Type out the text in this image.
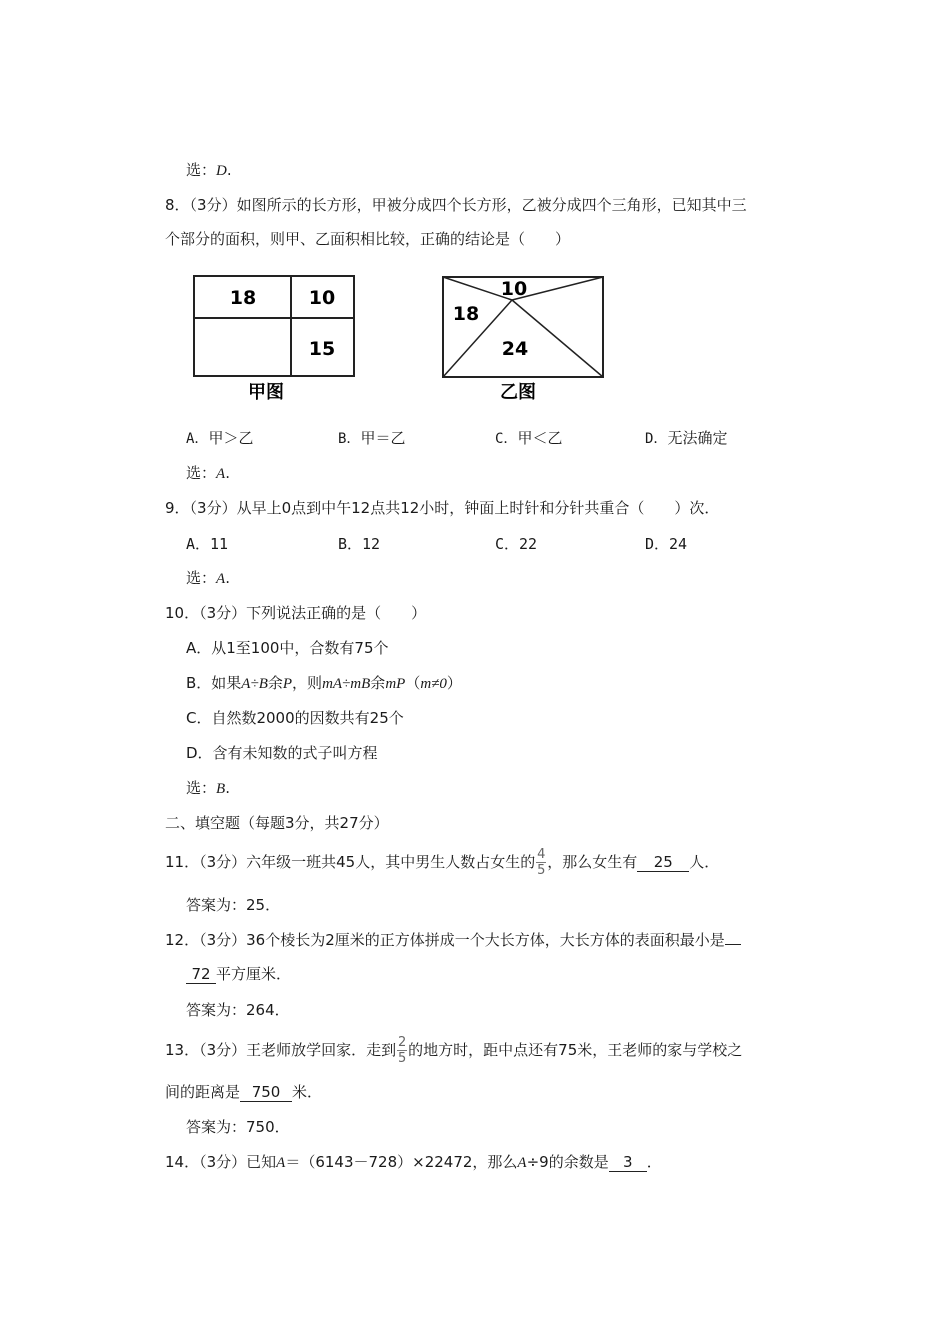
选：D.
8．（3分）如图所示的长方形，甲被分成四个长方形，乙被分成四个三角形，已知其中三
个部分的面积，则甲、乙面积相比较，正确的结论是（　　）
18	10
15
甲图
10
18
24
乙图
A．甲＞乙	B．甲＝乙	C．甲＜乙	D．无法确定
选：A.
9．（3分）从早上0点到中午12点共12小时，钟面上时针和分针共重合（　　）次．
A．11	B．12	C．22	D．24
选：A.
10．（3分）下列说法正确的是（　　）
A．从1至100中，合数有75个
B．如果A÷B余P，则mA÷mB余mP（m≠0）
C．自然数2000的因数共有25个
D．含有未知数的式子叫方程
选：B.
二、填空题（每题3分，共27分）
11．（3分）六年级一班共45人，其中男生人数占女生的 $\frac{4}{5}$ ，那么女生有 25 人．
答案为：25．
12．（3分）36个棱长为2厘米的正方体拼成一个大长方体，大长方体的表面积最小是
72 平方厘米．
答案为：264．
13．（3分）王老师放学回家．走到 $\frac{2}{5}$ 的地方时，距中点还有75米，王老师的家与学校之
间的距离是 750 米．
答案为：750．
14．（3分）已知A＝（6143－728）×22472，那么A÷9的余数是 3 ．
